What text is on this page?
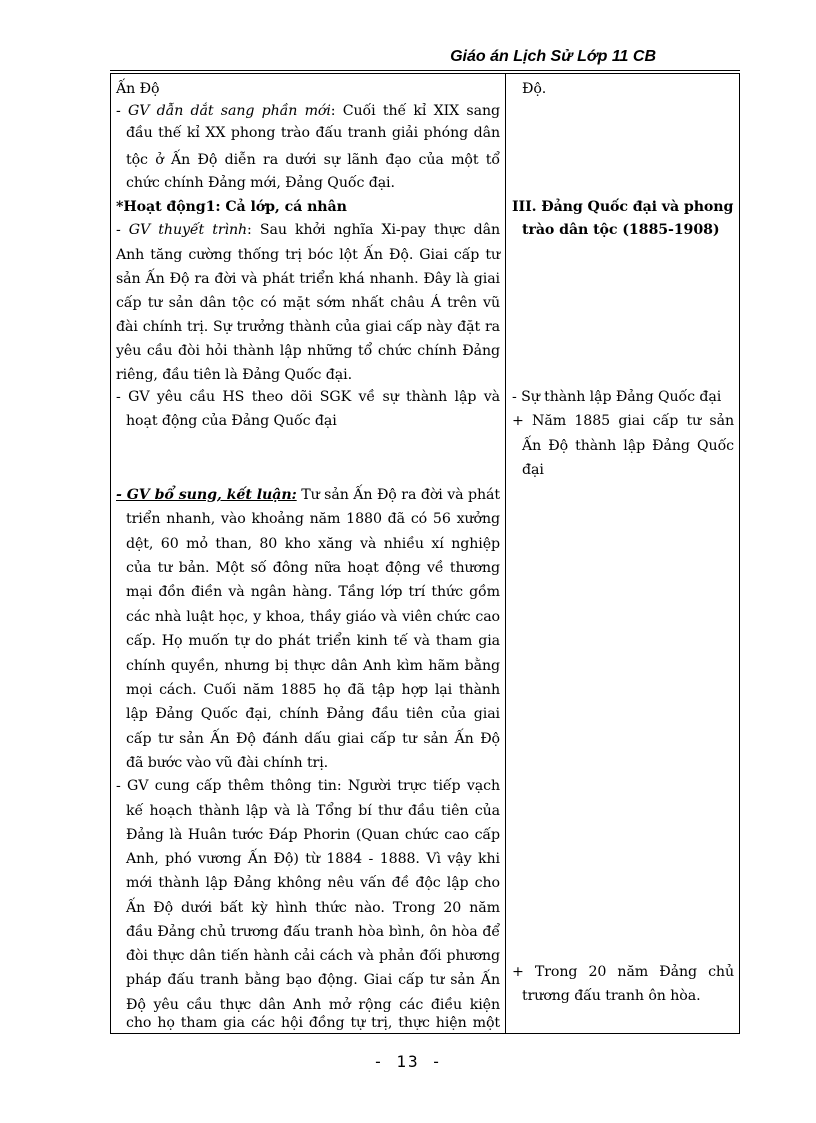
Giáo án Lịch Sử Lớp 11 CB
Ấn Độ
- GV dẫn dắt sang phần mới: Cuối thế kỉ XIX sang
đầu thế kỉ XX phong trào đấu tranh giải phóng dân
tộc ở Ấn Độ diễn ra dưới sự lãnh đạo của một tổ
chức chính Đảng mới, Đảng Quốc đại.
*Hoạt động1: Cả lớp, cá nhân
- GV thuyết trình: Sau khởi nghĩa Xi-pay thực dân
Anh tăng cường thống trị bóc lột Ấn Độ. Giai cấp tư
sản Ấn Độ ra đời và phát triển khá nhanh. Đây là giai
cấp tư sản dân tộc có mặt sớm nhất châu Á trên vũ
đài chính trị. Sự trưởng thành của giai cấp này đặt ra
yêu cầu đòi hỏi thành lập những tổ chức chính Đảng
riêng, đầu tiên là Đảng Quốc đại.
- GV yêu cầu HS theo dõi SGK về sự thành lập và
hoạt động của Đảng Quốc đại
- GV bổ sung, kết luận: Tư sản Ấn Độ ra đời và phát
triển nhanh, vào khoảng năm 1880 đã có 56 xưởng
dệt, 60 mỏ than, 80 kho xăng và nhiều xí nghiệp
của tư bản. Một số đông nữa hoạt động về thương
mại đồn điền và ngân hàng. Tầng lớp trí thức gồm
các nhà luật học, y khoa, thầy giáo và viên chức cao
cấp. Họ muốn tự do phát triển kinh tế và tham gia
chính quyền, nhưng bị thực dân Anh kìm hãm bằng
mọi cách. Cuối năm 1885 họ đã tập hợp lại thành
lập Đảng Quốc đại, chính Đảng đầu tiên của giai
cấp tư sản Ấn Độ đánh dấu giai cấp tư sản Ấn Độ
đã bước vào vũ đài chính trị.
- GV cung cấp thêm thông tin: Người trực tiếp vạch
kế hoạch thành lập và là Tổng bí thư đầu tiên của
Đảng là Huân tước Đáp Phorin (Quan chức cao cấp
Anh, phó vương Ấn Độ) từ 1884 - 1888. Vì vậy khi
mới thành lập Đảng không nêu vấn đề độc lập cho
Ấn Độ dưới bất kỳ hình thức nào. Trong 20 năm
đầu Đảng chủ trương đấu tranh hòa bình, ôn hòa để
đòi thực dân tiến hành cải cách và phản đối phương
pháp đấu tranh bằng bạo động. Giai cấp tư sản Ấn
Độ yêu cầu thực dân Anh mở rộng các điều kiện
cho họ tham gia các hội đồng tự trị, thực hiện một
Độ.
III. Đảng Quốc đại và phong
trào dân tộc (1885-1908)
- Sự thành lập Đảng Quốc đại
+ Năm 1885 giai cấp tư sản
Ấn Độ thành lập Đảng Quốc
đại
+ Trong 20 năm Đảng chủ
trương đấu tranh ôn hòa.
- 13 -
